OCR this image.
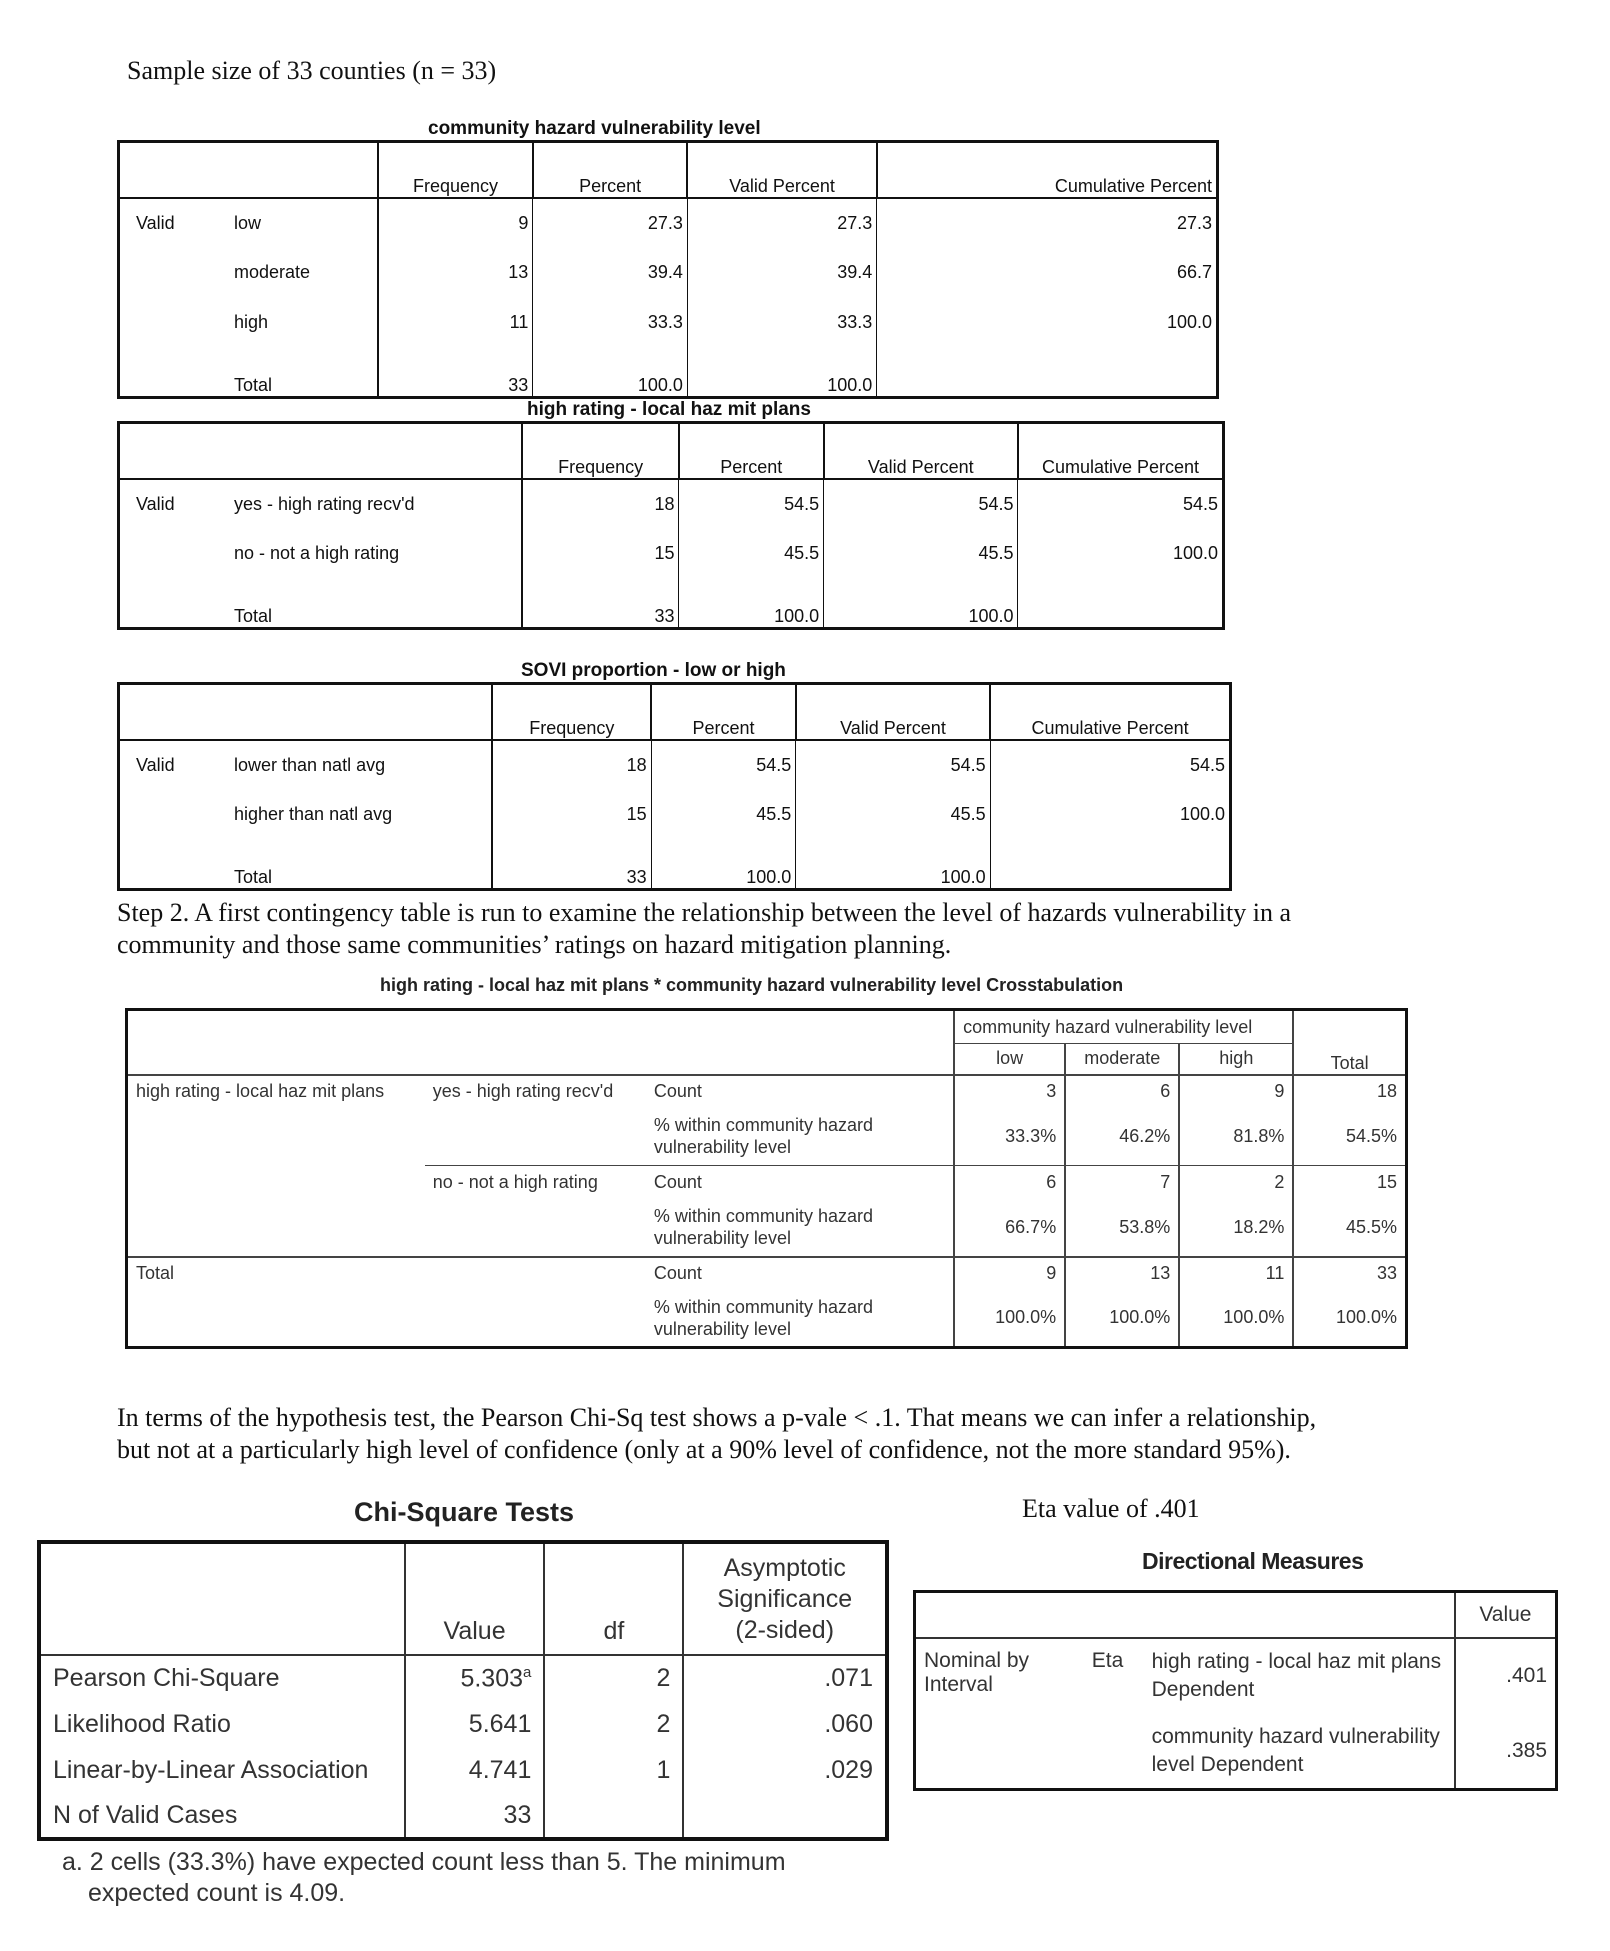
Sample size of 33 counties (n = 33)
community hazard vulnerability level
	Frequency	Percent	Valid Percent	Cumulative Percent
Valid low	9	27.3	27.3	27.3
moderate	13	39.4	39.4	66.7
high	11	33.3	33.3	100.0
Total	33	100.0	100.0	
high rating - local haz mit plans
	Frequency	Percent	Valid Percent	Cumulative Percent
Valid yes - high rating recv'd	18	54.5	54.5	54.5
no - not a high rating	15	45.5	45.5	100.0
Total	33	100.0	100.0	
SOVI proportion - low or high
	Frequency	Percent	Valid Percent	Cumulative Percent
Valid lower than natl avg	18	54.5	54.5	54.5
higher than natl avg	15	45.5	45.5	100.0
Total	33	100.0	100.0	
Step 2. A first contingency table is run to examine the relationship between the level of hazards vulnerability in a
community and those same communities’ ratings on hazard mitigation planning.
high rating - local haz mit plans * community hazard vulnerability level Crosstabulation
			community hazard vulnerability level			Total
			low	moderate	high	
high rating - local haz mit plans	yes - high rating recv'd	Count	3	6	9	18

		% within community hazard
vulnerability level	33.3%	46.2%	81.8%	54.5%
	no - not a high rating	Count	6	7	2	15

		% within community hazard
vulnerability level	66.7%	53.8%	18.2%	45.5%
Total		Count	9	13	11	33

		% within community hazard
vulnerability level	100.0%	100.0%	100.0%	100.0%
In terms of the hypothesis test, the Pearson Chi-Sq test shows a p-vale < .1. That means we can infer a relationship,
but not at a particularly high level of confidence (only at a 90% level of confidence, not the more standard 95%).
Chi-Square Tests
	Value	df	Asymptotic
Significance
(2-sided)

Pearson Chi-Square	5.303$^a$	2	.071
Likelihood Ratio	5.641	2	.060
Linear-by-Linear Association	4.741	1	.029
N of Valid Cases	33		
a. 2 cells (33.3%) have expected count less than 5. The minimum
expected count is 4.09.
Eta value of .401
Directional Measures
			Value
Nominal by Interval	Eta	high rating - local haz mit plans
Dependent	.401

		community hazard vulnerability
level Dependent	.385
